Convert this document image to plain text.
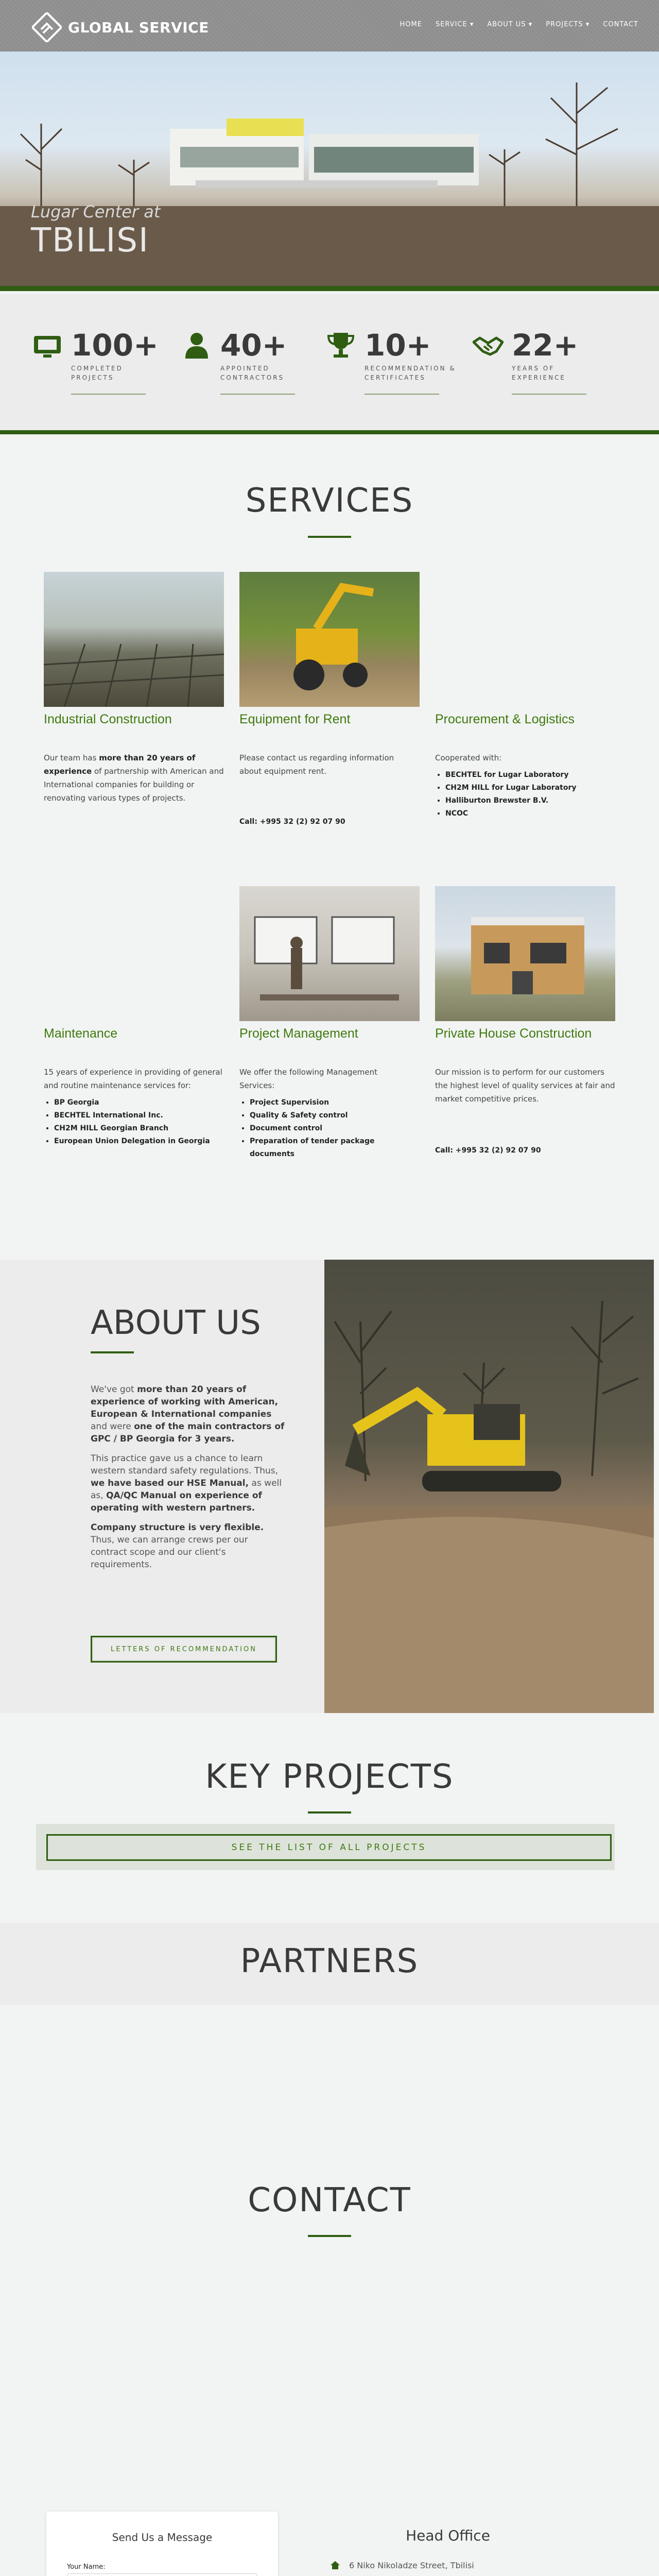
GLOBAL SERVICE	HOME SERVICE ▾ ABOUT US ▾ PROJECTS ▾ CONTACT
Lugar Center at
TBILISI
100+
COMPLETED PROJECTS
40+
APPOINTED CONTRACTORS
10+
RECOMMENDATION & CERTIFICATES
22+
YEARS OF EXPERIENCE
SERVICES
Industrial Construction
Our team has more than 20 years of experience of partnership with American and International companies for building or renovating various types of projects.
Equipment for Rent
Please contact us regarding information about equipment rent.
Call: +995 32 (2) 92 07 90
Procurement & Logistics
Cooperated with:
• BECHTEL for Lugar Laboratory
• CH2M HILL for Lugar Laboratory
• Halliburton Brewster B.V.
• NCOC
Maintenance
15 years of experience in providing of general and routine maintenance services for:
• BP Georgia
• BECHTEL International Inc.
• CH2M HILL Georgian Branch
• European Union Delegation in Georgia
Project Management
We offer the following Management Services:
• Project Supervision
• Quality & Safety control
• Document control
• Preparation of tender package documents
Private House Construction
Our mission is to perform for our customers the highest level of quality services at fair and market competitive prices.
Call: +995 32 (2) 92 07 90
ABOUT US
We've got more than 20 years of experience of working with American, European & International companies and were one of the main contractors of GPC / BP Georgia for 3 years.
This practice gave us a chance to learn western standard safety regulations. Thus, we have based our HSE Manual, as well as, QA/QC Manual on experience of operating with western partners.
Company structure is very flexible. Thus, we can arrange crews per our contract scope and our client's requirements.
LETTERS OF RECOMMENDATION
KEY PROJECTS
SEE THE LIST OF ALL PROJECTS
PARTNERS
CONTACT
Send Us a Message
Your Name:
Enter your name
Head Office
6 Niko Nikoladze Street, Tbilisi
